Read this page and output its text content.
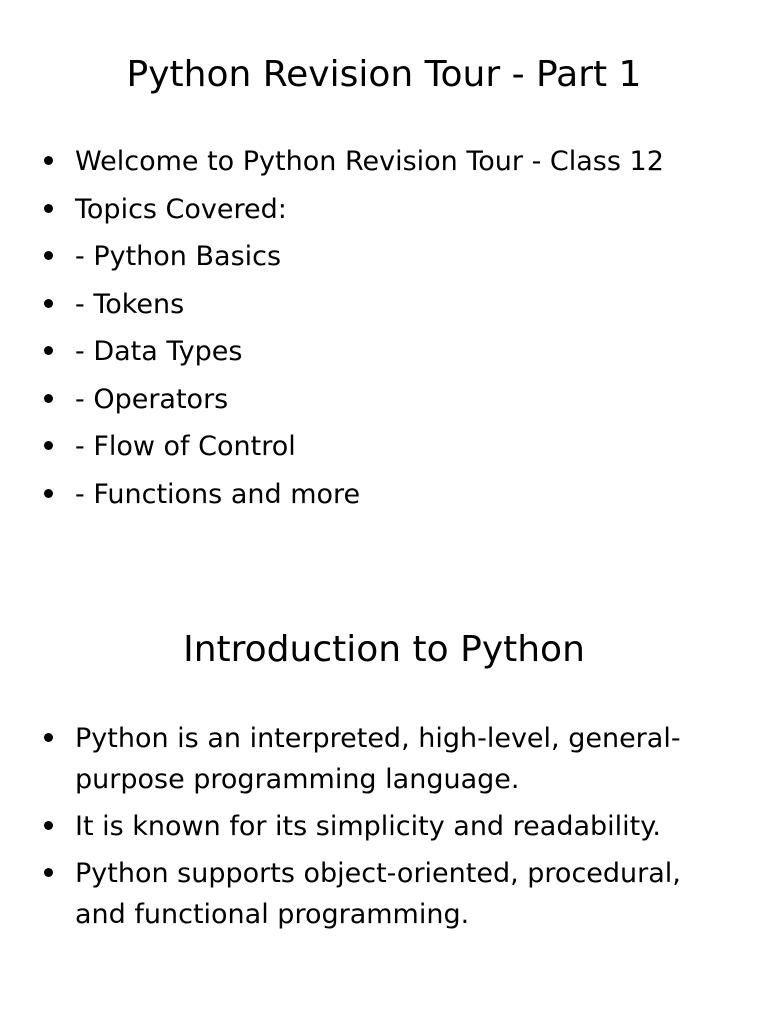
Python Revision Tour - Part 1
Welcome to Python Revision Tour - Class 12
Topics Covered:
- Python Basics
- Tokens
- Data Types
- Operators
- Flow of Control
- Functions and more
Introduction to Python
Python is an interpreted, high-level, general-purpose programming language.
It is known for its simplicity and readability.
Python supports object-oriented, procedural, and functional programming.
